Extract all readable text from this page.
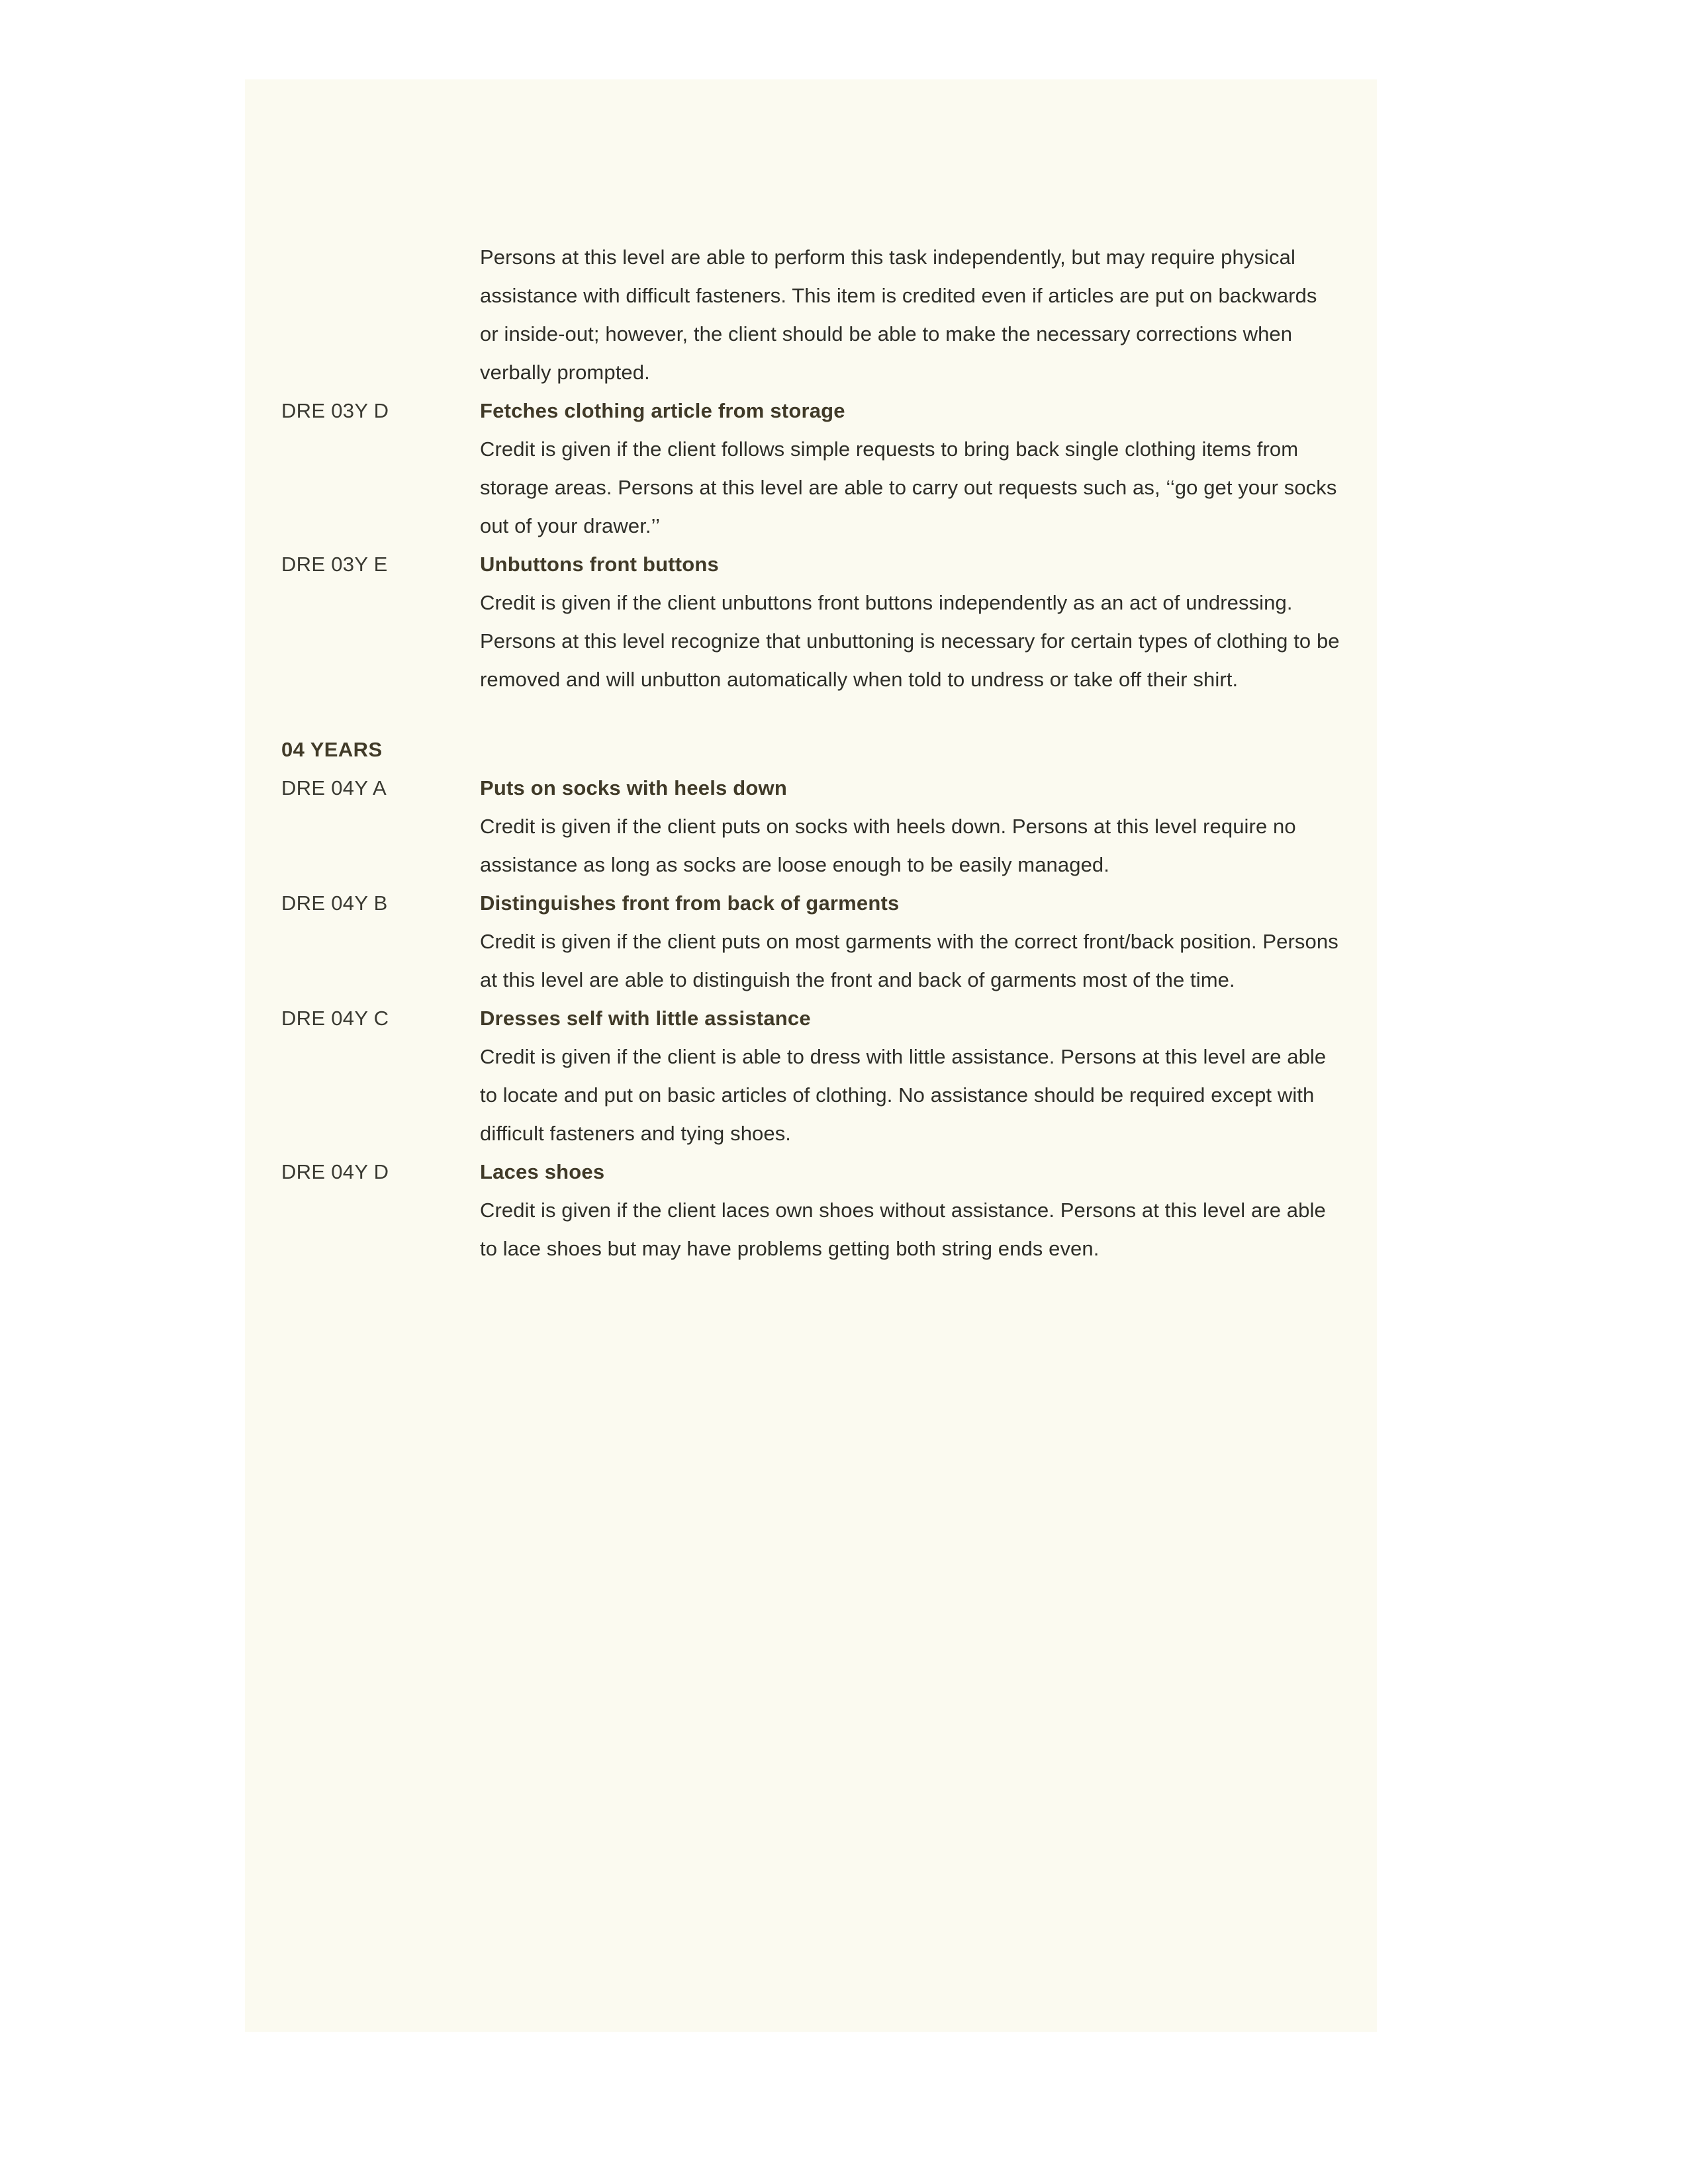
Persons at this level are able to perform this task independently, but may require physical assistance with difficult fasteners. This item is credited even if articles are put on backwards or inside-out; however, the client should be able to make the necessary corrections when verbally prompted.

DRE 03Y D	Fetches clothing article from storage

Credit is given if the client follows simple requests to bring back single clothing items from storage areas. Persons at this level are able to carry out requests such as, ‘‘go get your socks out of your drawer.’’

DRE 03Y E	Unbuttons front buttons

Credit is given if the client unbuttons front buttons independently as an act of undressing. Persons at this level recognize that unbuttoning is necessary for certain types of clothing to be removed and will unbutton automatically when told to undress or take off their shirt.

04 YEARS
DRE 04Y A	Puts on socks with heels down

Credit is given if the client puts on socks with heels down. Persons at this level require no assistance as long as socks are loose enough to be easily managed.

DRE 04Y B	Distinguishes front from back of garments

Credit is given if the client puts on most garments with the correct front/back position. Persons at this level are able to distinguish the front and back of garments most of the time.

DRE 04Y C	Dresses self with little assistance

Credit is given if the client is able to dress with little assistance. Persons at this level are able to locate and put on basic articles of clothing. No assistance should be required except with difficult fasteners and tying shoes.

DRE 04Y D	Laces shoes

Credit is given if the client laces own shoes without assistance. Persons at this level are able to lace shoes but may have problems getting both string ends even.
